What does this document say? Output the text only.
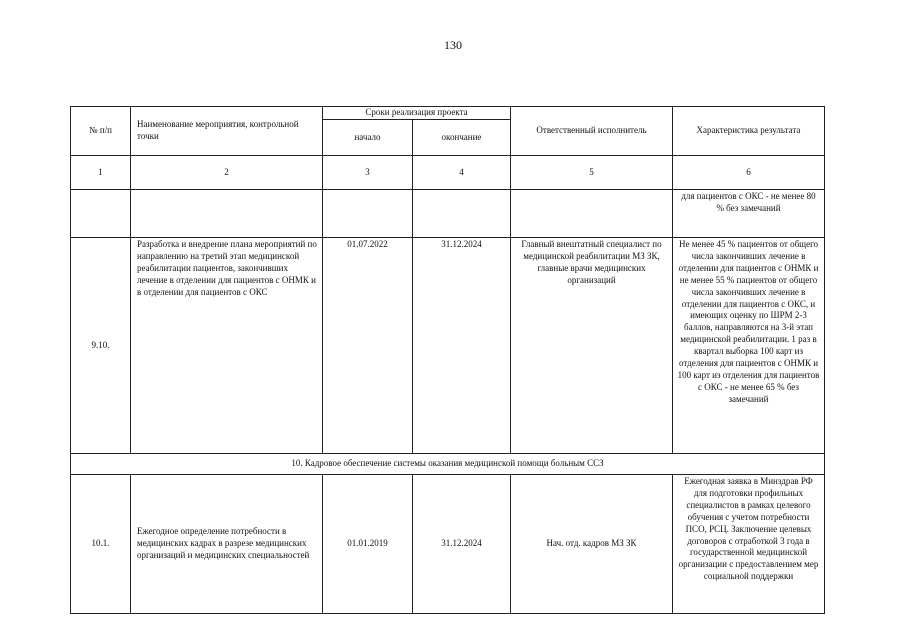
130
№ п/п	Наименование мероприятия, контрольной точки	Сроки реализация проекта		Ответственный исполнитель	Характеристика результата
		начало	окончание		
1	2	3	4	5	6
					для пациентов с ОКС - не менее 80 % без замечаний
9.10.	Разработка и внедрение плана мероприятий по направлению на третий этап медицинской реабилитации пациентов, закончивших лечение в отделении для пациентов с ОНМК и в отделении для пациентов с ОКС	01.07.2022	31.12.2024	Главный внештатный специалист по медицинской реабилитации МЗ ЗК, главные врачи медицинских организаций	Не менее 45 % пациентов от общего числа закончивших лечение в отделении для пациентов с ОНМК и не менее 55 % пациентов от общего числа закончивших лечение в отделении для пациентов с ОКС, и имеющих оценку по ШРМ 2-3 баллов, направляются на 3-й этап медицинской реабилитации. 1 раз в квартал выборка 100 карт из отделения для пациентов с ОНМК и 100 карт из отделения для пациентов с ОКС - не менее 65 % без замечаний
10. Кадровое обеспечение системы оказания медицинской помощи больным ССЗ					
10.1.	Ежегодное определение потребности в медицинских кадрах в разрезе медицинских организаций и медицинских специальностей	01.01.2019	31.12.2024	Нач. отд. кадров МЗ ЗК	Ежегодная заявка в Минздрав РФ для подготовки профильных специалистов в рамках целевого обучения с учетом потребности ПСО, РСЦ. Заключение целевых договоров с отработкой 3 года в государственной медицинской организации с предоставлением мер социальной поддержки
